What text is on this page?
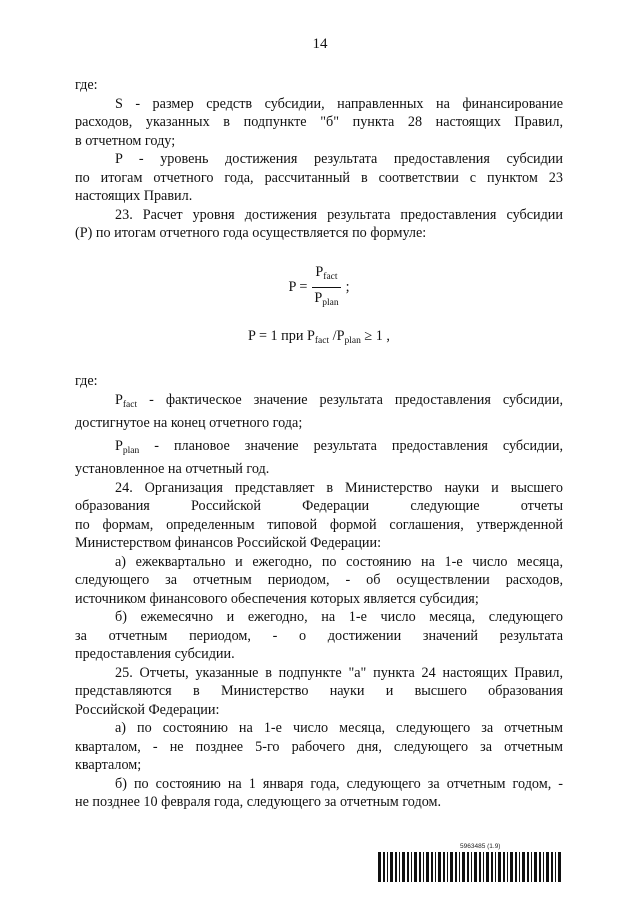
14
где:
S - размер средств субсидии, направленных на финансирование
расходов, указанных в подпункте "б" пункта 28 настоящих Правил,
в отчетном году;
P - уровень достижения результата предоставления субсидии
по итогам отчетного года, рассчитанный в соответствии с пунктом 23
настоящих Правил.
23. Расчет уровня достижения результата предоставления субсидии
(P) по итогам отчетного года осуществляется по формуле:
$P = \frac{P_{fact}}{P_{plan}}$ ;
P = 1 при $P_{fact}$ $/P_{plan} \ge 1$ ,
где:
$P_{fact}$ - фактическое значение результата предоставления субсидии,
достигнутое на конец отчетного года;
$P_{plan}$ - плановое значение результата предоставления субсидии,
установленное на отчетный год.
24. Организация представляет в Министерство науки и высшего
образования Российской Федерации следующие отчеты
по формам, определенным типовой формой соглашения, утвержденной
Министерством финансов Российской Федерации:
а) ежеквартально и ежегодно, по состоянию на 1-е число месяца,
следующего за отчетным периодом, - об осуществлении расходов,
источником финансового обеспечения которых является субсидия;
б) ежемесячно и ежегодно, на 1-е число месяца, следующего
за отчетным периодом, - о достижении значений результата
предоставления субсидии.
25. Отчеты, указанные в подпункте "а" пункта 24 настоящих Правил,
представляются в Министерство науки и высшего образования
Российской Федерации:
а) по состоянию на 1-е число месяца, следующего за отчетным
кварталом, - не позднее 5-го рабочего дня, следующего за отчетным
кварталом;
б) по состоянию на 1 января года, следующего за отчетным годом, -
не позднее 10 февраля года, следующего за отчетным годом.
5963485 (1.9)
